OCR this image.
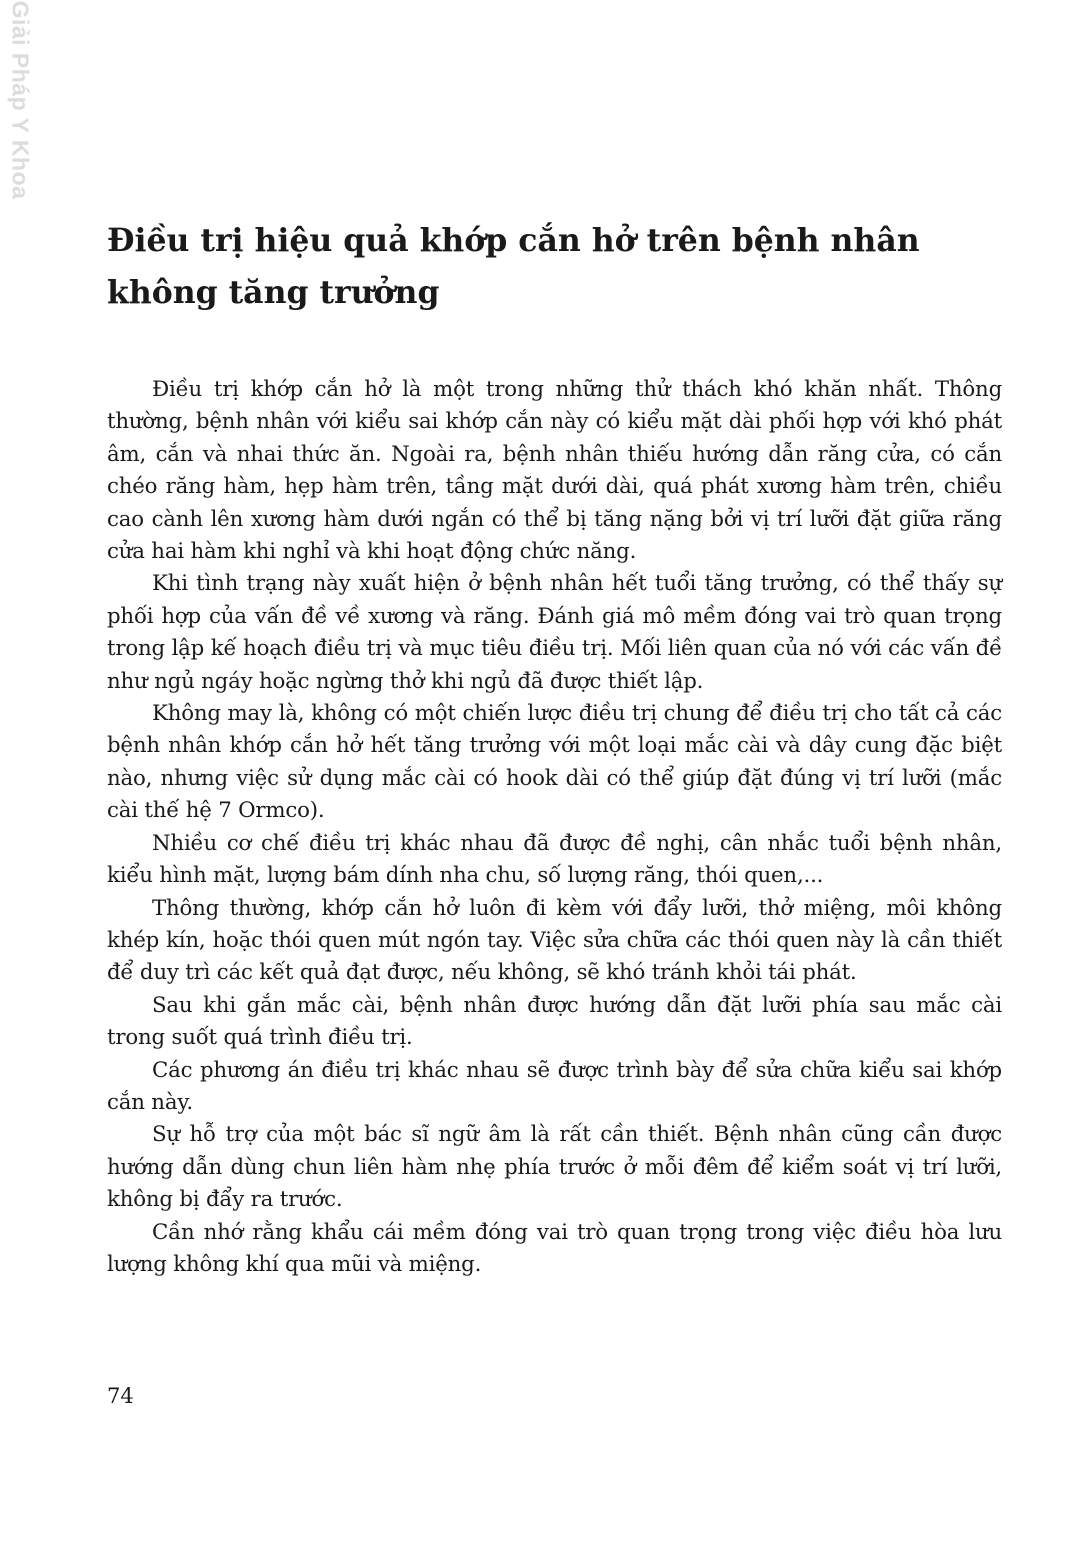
Giải Pháp Y Khoa
Điều trị hiệu quả khớp cắn hở trên bệnh nhân không tăng trưởng

Điều trị khớp cắn hở là một trong những thử thách khó khăn nhất. Thông thường, bệnh nhân với kiểu sai khớp cắn này có kiểu mặt dài phối hợp với khó phát âm, cắn và nhai thức ăn. Ngoài ra, bệnh nhân thiếu hướng dẫn răng cửa, có cắn chéo răng hàm, hẹp hàm trên, tầng mặt dưới dài, quá phát xương hàm trên, chiều cao cành lên xương hàm dưới ngắn có thể bị tăng nặng bởi vị trí lưỡi đặt giữa răng cửa hai hàm khi nghỉ và khi hoạt động chức năng.

Khi tình trạng này xuất hiện ở bệnh nhân hết tuổi tăng trưởng, có thể thấy sự phối hợp của vấn đề về xương và răng. Đánh giá mô mềm đóng vai trò quan trọng trong lập kế hoạch điều trị và mục tiêu điều trị. Mối liên quan của nó với các vấn đề như ngủ ngáy hoặc ngừng thở khi ngủ đã được thiết lập.

Không may là, không có một chiến lược điều trị chung để điều trị cho tất cả các bệnh nhân khớp cắn hở hết tăng trưởng với một loại mắc cài và dây cung đặc biệt nào, nhưng việc sử dụng mắc cài có hook dài có thể giúp đặt đúng vị trí lưỡi (mắc cài thế hệ 7 Ormco).

Nhiều cơ chế điều trị khác nhau đã được đề nghị, cân nhắc tuổi bệnh nhân, kiểu hình mặt, lượng bám dính nha chu, số lượng răng, thói quen,...

Thông thường, khớp cắn hở luôn đi kèm với đẩy lưỡi, thở miệng, môi không khép kín, hoặc thói quen mút ngón tay. Việc sửa chữa các thói quen này là cần thiết để duy trì các kết quả đạt được, nếu không, sẽ khó tránh khỏi tái phát.

Sau khi gắn mắc cài, bệnh nhân được hướng dẫn đặt lưỡi phía sau mắc cài trong suốt quá trình điều trị.

Các phương án điều trị khác nhau sẽ được trình bày để sửa chữa kiểu sai khớp cắn này.

Sự hỗ trợ của một bác sĩ ngữ âm là rất cần thiết. Bệnh nhân cũng cần được hướng dẫn dùng chun liên hàm nhẹ phía trước ở mỗi đêm để kiểm soát vị trí lưỡi, không bị đẩy ra trước.

Cần nhớ rằng khẩu cái mềm đóng vai trò quan trọng trong việc điều hòa lưu lượng không khí qua mũi và miệng.

74
